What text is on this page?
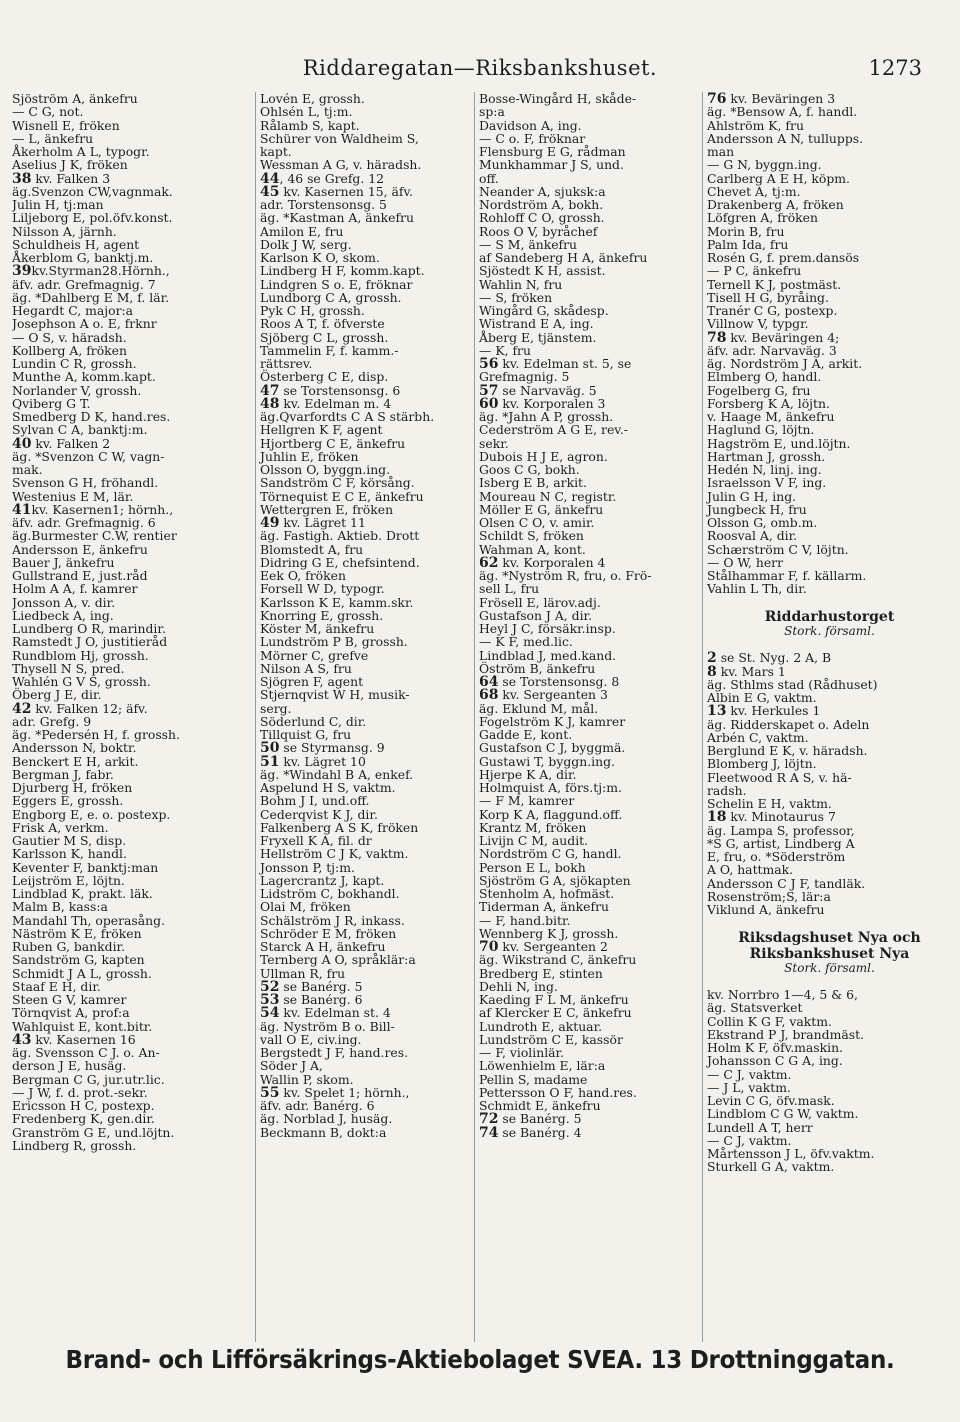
Riddaregatan—Riksbankshuset.	1273
Sjöström A, änkefru
— C G, not.
Wisnell E, fröken
— L, änkefru
Åkerholm A L, typogr.
Aselius J K, fröken
38 kv. Falken 3
äg.Svenzon CW,vagnmak.
Julin H, tj:man
Liljeborg E, pol.öfv.konst.
Nilsson A, järnh.
Schuldheis H, agent
Åkerblom G, banktj.m.
39kv.Styrman28.Hörnh.,
äfv. adr. Grefmagnig. 7
äg. *Dahlberg E M, f. lär.
Hegardt C, major:a
Josephson A o. E, frknr
— O S, v. häradsh.
Kollberg A, fröken
Lundin C R, grossh.
Munthe A, komm.kapt.
Norlander V, grossh.
Qviberg G T.
Smedberg D K, hand.res.
Sylvan C A, banktj:m.
40 kv. Falken 2
äg. *Svenzon C W, vagn-
mak.
Svenson G H, fröhandl.
Westenius E M, lär.
41kv. Kasernen1; hörnh.,
äfv. adr. Grefmagnig. 6
äg.Burmester C.W, rentier
Andersson E, änkefru
Bauer J, änkefru
Gullstrand E, just.råd
Holm A A, f. kamrer
Jonsson A, v. dir.
Liedbeck A, ing.
Lundberg O R, marindir.
Ramstedt J O, justitieråd
Rundblom Hj, grossh.
Thysell N S, pred.
Wahlén G V S, grossh.
Öberg J E, dir.
42 kv. Falken 12; äfv.
adr. Grefg. 9
äg. *Pedersén H, f. grossh.
Andersson N, boktr.
Benckert E H, arkit.
Bergman J, fabr.
Djurberg H, fröken
Eggers E, grossh.
Engborg E, e. o. postexp.
Frisk A, verkm.
Gautier M S, disp.
Karlsson K, handl.
Keventer F, banktj:man
Leijström E, löjtn.
Lindblad K, prakt. läk.
Malm B, kass:a
Mandahl Th, operasång.
Näström K E, fröken
Ruben G, bankdir.
Sandström G, kapten
Schmidt J A L, grossh.
Staaf E H, dir.
Steen G V, kamrer
Törnqvist A, prof:a
Wahlquist E, kont.bitr.
43 kv. Kasernen 16
äg. Svensson C J. o. An-
derson J E, husäg.
Bergman C G, jur.utr.lic.
— J W, f. d. prot.-sekr.
Ericsson H C, postexp.
Fredenberg K, gen.dir.
Granström G E, und.löjtn.
Lindberg R, grossh.
Lovén E, grossh.
Ohlsén L, tj:m.
Rålamb S, kapt.
Schürer von Waldheim S,
kapt.
Wessman A G, v. häradsh.
44, 46 se Grefg. 12
45 kv. Kasernen 15, äfv.
adr. Torstensonsg. 5
äg. *Kastman A, änkefru
Amilon E, fru
Dolk J W, serg.
Karlson K O, skom.
Lindberg H F, komm.kapt.
Lindgren S o. E, fröknar
Lundborg C A, grossh.
Pyk C H, grossh.
Roos A T, f. öfverste
Sjöberg C L, grossh.
Tammelin F, f. kamm.-
rättsrev.
Österberg C E, disp.
47 se Torstensonsg. 6
48 kv. Edelman m. 4
äg.Qvarfordts C A S stärbh.
Hellgren K F, agent
Hjortberg C E, änkefru
Juhlin E, fröken
Olsson O, byggn.ing.
Sandström C F, körsång.
Törnequist E C E, änkefru
Wettergren E, fröken
49 kv. Lägret 11
äg. Fastigh. Aktieb. Drott
Blomstedt A, fru
Didring G E, chefsintend.
Eek O, fröken
Forsell W D, typogr.
Karlsson K E, kamm.skr.
Knorring E, grossh.
Köster M, änkefru
Lundström P B, grossh.
Mörner C, grefve
Nilson A S, fru
Sjögren F, agent
Stjernqvist W H, musik-
serg.
Söderlund C, dir.
Tillquist G, fru
50 se Styrmansg. 9
51 kv. Lägret 10
äg. *Windahl B A, enkef.
Aspelund H S, vaktm.
Bohm J I, und.off.
Cederqvist K J, dir.
Falkenberg A S K, fröken
Fryxell K A, fil. dr
Hellström C J K, vaktm.
Jonsson P, tj:m.
Lagercrantz J, kapt.
Lidström C, bokhandl.
Olai M, fröken
Schälström J R, inkass.
Schröder E M, fröken
Starck A H, änkefru
Ternberg A O, språklär:a
Ullman R, fru
52 se Banérg. 5
53 se Banérg. 6
54 kv. Edelman st. 4
äg. Nyström B o. Bill-
vall O E, civ.ing.
Bergstedt J F, hand.res.
Söder J A,
Wallin P, skom.
55 kv. Spelet 1; hörnh.,
äfv. adr. Banérg. 6
äg. Norblad J, husäg.
Beckmann B, dokt:a
Bosse-Wingård H, skåde-
sp:a
Davidson A, ing.
— C o. F, fröknar
Flensburg E G, rådman
Munkhammar J S, und.
off.
Neander A, sjuksk:a
Nordström A, bokh.
Rohloff C O, grossh.
Roos O V, byråchef
— S M, änkefru
af Sandeberg H A, änkefru
Sjöstedt K H, assist.
Wahlin N, fru
— S, fröken
Wingård G, skådesp.
Wistrand E A, ing.
Åberg E, tjänstem.
— K, fru
56 kv. Edelman st. 5, se
Grefmagnig. 5
57 se Narvaväg. 5
60 kv. Korporalen 3
äg. *Jahn A P, grossh.
Cederström A G E, rev.-
sekr.
Dubois H J E, agron.
Goos C G, bokh.
Isberg E B, arkit.
Moureau N C, registr.
Möller E G, änkefru
Olsen C O, v. amir.
Schildt S, fröken
Wahman A, kont.
62 kv. Korporalen 4
äg. *Nyström R, fru, o. Frö-
sell L, fru
Frösell E, lärov.adj.
Gustafson J A, dir.
Heyl J C, försäkr.insp.
— K F, med.lic.
Lindblad J, med.kand.
Öström B, änkefru
64 se Torstensonsg. 8
68 kv. Sergeanten 3
äg. Eklund M, mål.
Fogelström K J, kamrer
Gadde E, kont.
Gustafson C J, byggmä.
Gustawi T, byggn.ing.
Hjerpe K A, dir.
Holmquist A, förs.tj:m.
— F M, kamrer
Korp K A, flaggund.off.
Krantz M, fröken
Livijn C M, audit.
Nordström C G, handl.
Person E L, bokh
Sjöström G A, sjökapten
Stenholm A, hofmäst.
Tiderman A, änkefru
— F, hand.bitr.
Wennberg K J, grossh.
70 kv. Sergeanten 2
äg. Wikstrand C, änkefru
Bredberg E, stinten
Dehli N, ing.
Kaeding F L M, änkefru
af Klercker E C, änkefru
Lundroth E, aktuar.
Lundström C E, kassör
— F, violinlär.
Löwenhielm E, lär:a
Pellin S, madame
Pettersson O F, hand.res.
Schmidt E, änkefru
72 se Banérg. 5
74 se Banérg. 4
76 kv. Beväringen 3
äg. *Bensow A, f. handl.
Ahlström K, fru
Andersson A N, tullupps.
man
— G N, byggn.ing.
Carlberg A E H, köpm.
Chevet A, tj:m.
Drakenberg A, fröken
Löfgren A, fröken
Morin B, fru
Palm Ida, fru
Rosén G, f. prem.dansös
— P C, änkefru
Ternell K J, postmäst.
Tisell H G, byråing.
Tranér C G, postexp.
Villnow V, typgr.
78 kv. Beväringen 4;
äfv. adr. Narvaväg. 3
äg. Nordström J A, arkit.
Elmberg O, handl.
Fogelberg G, fru
Forsberg K A, löjtn.
v. Haage M, änkefru
Haglund G, löjtn.
Hagström E, und.löjtn.
Hartman J, grossh.
Hedén N, linj. ing.
Israelsson V F, ing.
Julin G H, ing.
Jungbeck H, fru
Olsson G, omb.m.
Roosval A, dir.
Schærström C V, löjtn.
— O W, herr
Stålhammar F, f. källarm.
Vahlin L Th, dir.
Riddarhustorget
Stork. församl.
2 se St. Nyg. 2 A, B
8 kv. Mars 1
äg. Sthlms stad (Rådhuset)
Albin E G, vaktm.
13 kv. Herkules 1
äg. Ridderskapet o. Adeln
Arbén C, vaktm.
Berglund E K, v. häradsh.
Blomberg J, löjtn.
Fleetwood R A S, v. hä-
radsh.
Schelin E H, vaktm.
18 kv. Minotaurus 7
äg. Lampa S, professor,
*S G, artist, Lindberg A
E, fru, o. *Söderström
A O, hattmak.
Andersson C J F, tandläk.
Rosenström;S, lär:a
Viklund A, änkefru
Riksdagshuset Nya och
Riksbankshuset Nya
Stork. församl.
kv. Norrbro 1—4, 5 & 6,
äg. Statsverket
Collin K G F, vaktm.
Ekstrand P J, brandmäst.
Holm K F, öfv.maskin.
Johansson C G A, ing.
— C J, vaktm.
— J L, vaktm.
Levin C G, öfv.mask.
Lindblom C G W, vaktm.
Lundell A T, herr
— C J, vaktm.
Mårtensson J L, öfv.vaktm.
Sturkell G A, vaktm.
Brand- och Lifförsäkrings-Aktiebolaget SVEA. 13 Drottninggatan.
